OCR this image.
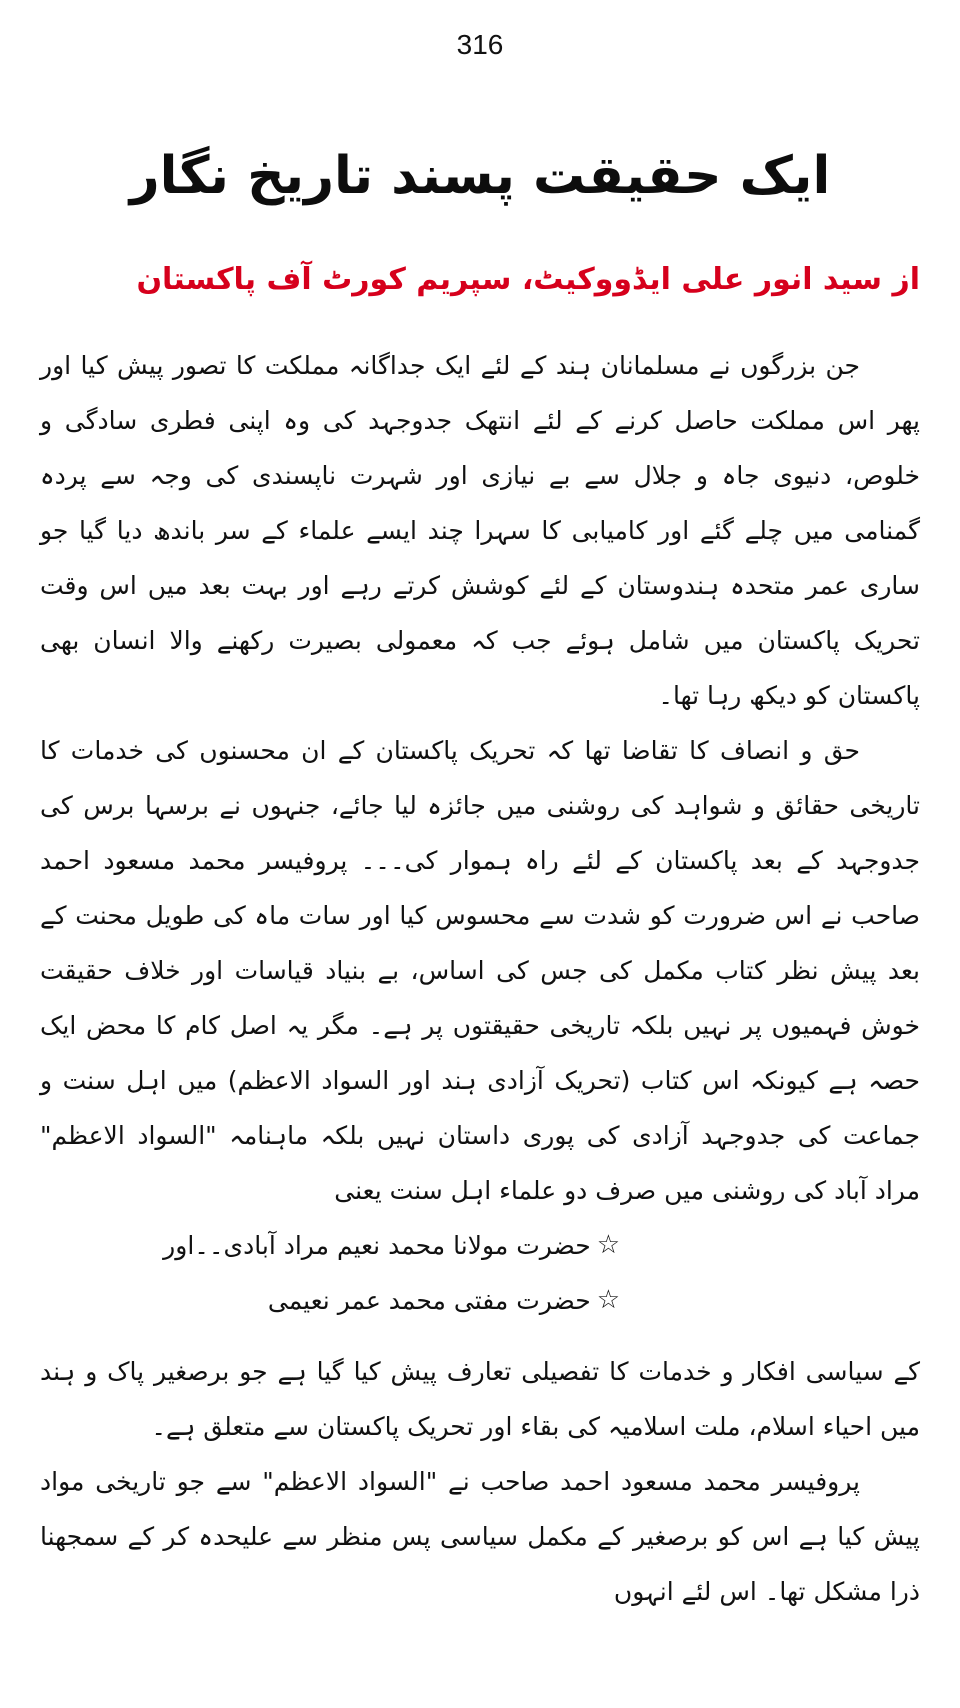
316
ایک حقیقت پسند تاریخ نگار
از سید انور علی ایڈووکیٹ، سپریم کورٹ آف پاکستان

جن بزرگوں نے مسلمانان ہند کے لئے ایک جداگانہ مملکت کا تصور پیش کیا اور پھر اس مملکت حاصل کرنے کے لئے انتھک جدوجہد کی وہ اپنی فطری سادگی و خلوص، دنیوی جاہ و جلال سے بے نیازی اور شہرت ناپسندی کی وجہ سے پردہ گمنامی میں چلے گئے اور کامیابی کا سہرا چند ایسے علماء کے سر باندھ دیا گیا جو ساری عمر متحدہ ہندوستان کے لئے کوشش کرتے رہے اور بہت بعد میں اس وقت تحریک پاکستان میں شامل ہوئے جب کہ معمولی بصیرت رکھنے والا انسان بھی پاکستان کو دیکھ رہا تھا۔

حق و انصاف کا تقاضا تھا کہ تحریک پاکستان کے ان محسنوں کی خدمات کا تاریخی حقائق و شواہد کی روشنی میں جائزہ لیا جائے، جنہوں نے برسہا برس کی جدوجہد کے بعد پاکستان کے لئے راہ ہموار کی۔۔۔ پروفیسر محمد مسعود احمد صاحب نے اس ضرورت کو شدت سے محسوس کیا اور سات ماہ کی طویل محنت کے بعد پیش نظر کتاب مکمل کی جس کی اساس، بے بنیاد قیاسات اور خلاف حقیقت خوش فہمیوں پر نہیں بلکہ تاریخی حقیقتوں پر ہے۔ مگر یہ اصل کام کا محض ایک حصہ ہے کیونکہ اس کتاب (تحریک آزادی ہند اور السواد الاعظم) میں اہل سنت و جماعت کی جدوجہد آزادی کی پوری داستان نہیں بلکہ ماہنامہ "السواد الاعظم" مراد آباد کی روشنی میں صرف دو علماء اہل سنت یعنی

☆
حضرت مولانا محمد نعیم مراد آبادی۔۔اور
☆
حضرت مفتی محمد عمر نعیمی

کے سیاسی افکار و خدمات کا تفصیلی تعارف پیش کیا گیا ہے جو برصغیر پاک و ہند میں احیاء اسلام، ملت اسلامیہ کی بقاء اور تحریک پاکستان سے متعلق ہے۔

پروفیسر محمد مسعود احمد صاحب نے "السواد الاعظم" سے جو تاریخی مواد پیش کیا ہے اس کو برصغیر کے مکمل سیاسی پس منظر سے علیحدہ کر کے سمجھنا ذرا مشکل تھا۔ اس لئے انہوں
